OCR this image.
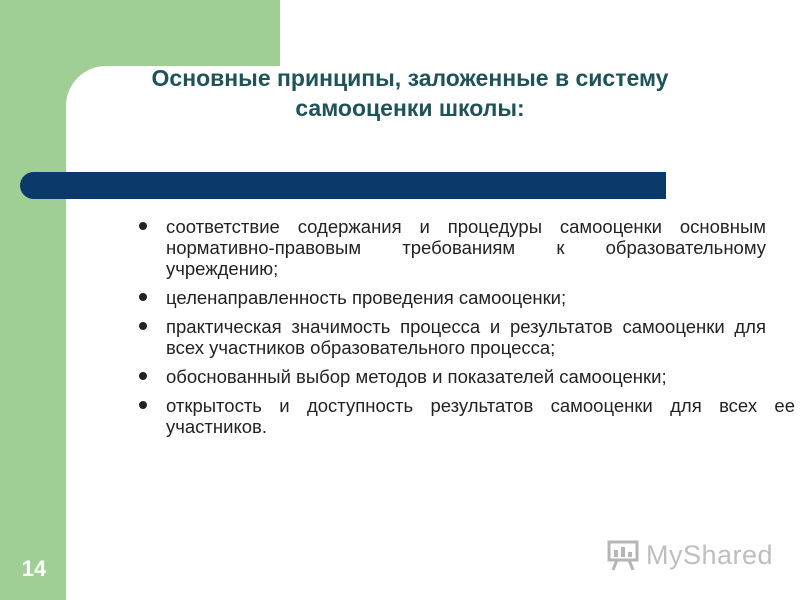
Основные принципы, заложенные в систему
самооценки школы:
соответствие содержания и процедуры самооценки основным нормативно-правовым требованиям к образовательному учреждению;
целенаправленность проведения самооценки;
практическая значимость процесса и результатов самооценки для всех участников образовательного процесса;
обоснованный выбор методов и показателей самооценки;
открытость и доступность результатов самооценки для всех ее участников.
14	MyShared
